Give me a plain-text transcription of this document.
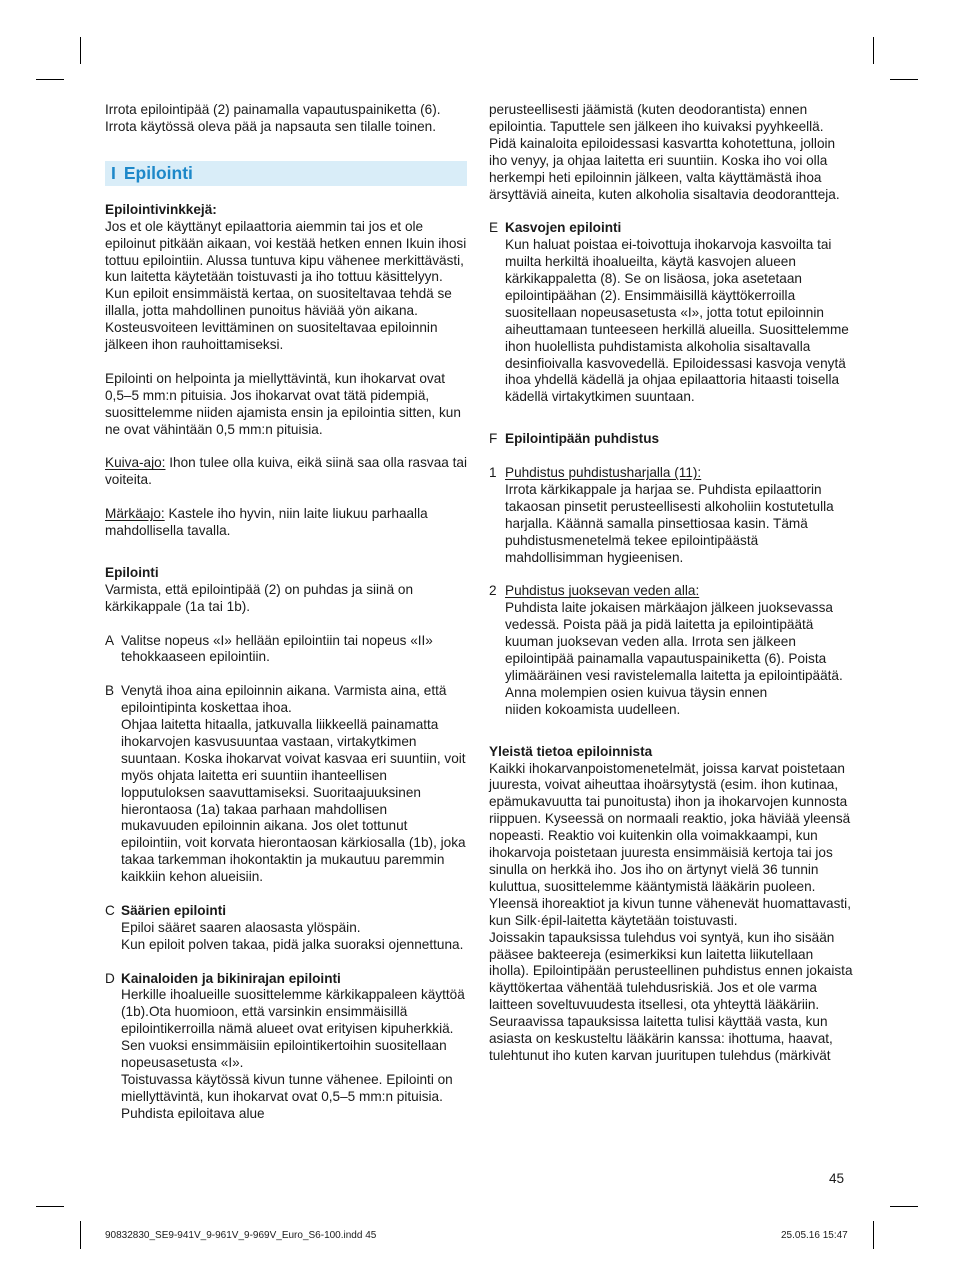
Irrota epilointipää (2) painamalla vapautuspainiketta (6). Irrota käytössä oleva pää ja napsauta sen tilalle toinen.

I Epilointi

Epilointivinkkejä:

Jos et ole käyttänyt epilaattoria aiemmin tai jos et ole epiloinut pitkään aikaan, voi kestää hetken ennen Ikuin ihosi tottuu epilointiin. Alussa tuntuva kipu vähenee merkittävästi, kun laitetta käytetään toistuvasti ja iho tottuu käsittelyyn.

Kun epiloit ensimmäistä kertaa, on suositeltavaa tehdä se illalla, jotta mahdollinen punoitus häviää yön aikana. Kosteusvoiteen levittäminen on suositeltavaa epiloinnin jälkeen ihon rauhoittamiseksi.

Epilointi on helpointa ja miellyttävintä, kun ihokarvat ovat 0,5–5 mm:n pituisia. Jos ihokarvat ovat tätä pidempiä, suosittelemme niiden ajamista ensin ja epilointia sitten, kun ne ovat vähintään 0,5 mm:n pituisia.

Kuiva-ajo: Ihon tulee olla kuiva, eikä siinä saa olla rasvaa tai voiteita.

Märkäajo: Kastele iho hyvin, niin laite liukuu parhaalla mahdollisella tavalla.

Epilointi

Varmista, että epilointipää (2) on puhdas ja siinä on kärkikappale (1a tai 1b).

A Valitse nopeus «I» hellään epilointiin tai nopeus «II» tehokkaaseen epilointiin.

B Venytä ihoa aina epiloinnin aikana. Varmista aina, että epilointipinta koskettaa ihoa.

Ohjaa laitetta hitaalla, jatkuvalla liikkeellä painamatta ihokarvojen kasvusuuntaa vastaan, virtakytkimen suuntaan. Koska ihokarvat voivat kasvaa eri suuntiin, voit myös ohjata laitetta eri suuntiin ihanteellisen lopputuloksen saavuttamiseksi. Suoritaajuuksinen hierontaosa (1a) takaa parhaan mahdollisen mukavuuden epiloinnin aikana. Jos olet tottunut epilointiin, voit korvata hierontaosan kärkiosalla (1b), joka takaa tarkemman ihokontaktin ja mukautuu paremmin kaikkiin kehon alueisiin.

C Säärien epilointi

Epiloi sääret saaren alaosasta ylöspäin.

Kun epiloit polven takaa, pidä jalka suoraksi ojennettuna.

D Kainaloiden ja bikinirajan epilointi

Herkille ihoalueille suosittelemme kärkikappaleen käyttöä (1b).Ota huomioon, että varsinkin ensimmäisillä epilointikerroilla nämä alueet ovat erityisen kipuherkkiä. Sen vuoksi ensimmäisiin epilointikertoihin suositellaan nopeusasetusta «I».

Toistuvassa käytössä kivun tunne vähenee. Epilointi on miellyttävintä, kun ihokarvat ovat 0,5–5 mm:n pituisia. Puhdista epiloitava alue

perusteellisesti jäämistä (kuten deodorantista) ennen epilointia. Taputtele sen jälkeen iho kuivaksi pyyhkeellä. Pidä kainaloita epiloidessasi kasvartta kohotettuna, jolloin iho venyy, ja ohjaa laitetta eri suuntiin. Koska iho voi olla herkempi heti epiloinnin jälkeen, valta käyttämästä ihoa ärsyttäviä aineita, kuten alkoholia sisaltavia deodorantteja.

E Kasvojen epilointi

Kun haluat poistaa ei-toivottuja ihokarvoja kasvoilta tai muilta herkiltä ihoalueilta, käytä kasvojen alueen kärkikappaletta (8). Se on lisäosa, joka asetetaan epilointipäähan (2). Ensimmäisillä käyttökerroilla suositellaan nopeusasetusta «I», jotta totut epiloinnin aiheuttamaan tunteeseen herkillä alueilla. Suosittelemme ihon huolellista puhdistamista alkoholia sisaltavalla desinfioivalla kasvovedellä. Epiloidessasi kasvoja venytä ihoa yhdellä kädellä ja ohjaa epilaattoria hitaasti toisella kädellä virtakytkimen suuntaan.

F Epilointipään puhdistus

1 Puhdistus puhdistusharjalla (11):

Irrota kärkikappale ja harjaa se. Puhdista epilaattorin takaosan pinsetit perusteellisesti alkoholiin kostutetulla harjalla. Käännä samalla pinsettiosaa kasin. Tämä puhdistusmenetelmä tekee epilointipäästä mahdollisimman hygieenisen.

2 Puhdistus juoksevan veden alla:

Puhdista laite jokaisen märkäajon jälkeen juoksevassa vedessä. Poista pää ja pidä laitetta ja epilointipäätä kuuman juoksevan veden alla. Irrota sen jälkeen epilointipää painamalla vapautuspainiketta (6). Poista ylimääräinen vesi ravistelemalla laitetta ja epilointipäätä. Anna molempien osien kuivua täysin ennen

niiden kokoamista uudelleen.

Yleistä tietoa epiloinnista

Kaikki ihokarvanpoistomenetelmät, joissa karvat poistetaan juuresta, voivat aiheuttaa ihoärsytystä (esim. ihon kutinaa, epämukavuutta tai punoitusta) ihon ja ihokarvojen kunnosta riippuen. Kyseessä on normaali reaktio, joka häviää yleensä nopeasti. Reaktio voi kuitenkin olla voimakkaampi, kun ihokarvoja poistetaan juuresta ensimmäisiä kertoja tai jos sinulla on herkkä iho. Jos iho on ärtynyt vielä 36 tunnin kuluttua, suosittelemme kääntymistä lääkärin puoleen. Yleensä ihoreaktiot ja kivun tunne vähenevät huomattavasti, kun Silk·épil-laitetta käytetään toistuvasti.

Joissakin tapauksissa tulehdus voi syntyä, kun iho sisään pääsee bakteereja (esimerkiksi kun laitetta liikutellaan iholla). Epilointipään perusteellinen puhdistus ennen jokaista käyttökertaa vähentää tulehdusriskiä. Jos et ole varma laitteen soveltuvuudesta itsellesi, ota yhteyttä lääkäriin. Seuraavissa tapauksissa laitetta tulisi käyttää vasta, kun asiasta on keskusteltu lääkärin kanssa: ihottuma, haavat, tulehtunut iho kuten karvan juuritupen tulehdus (märkivät

45
90832830_SE9-941V_9-961V_9-969V_Euro_S6-100.indd 45	25.05.16 15:47
